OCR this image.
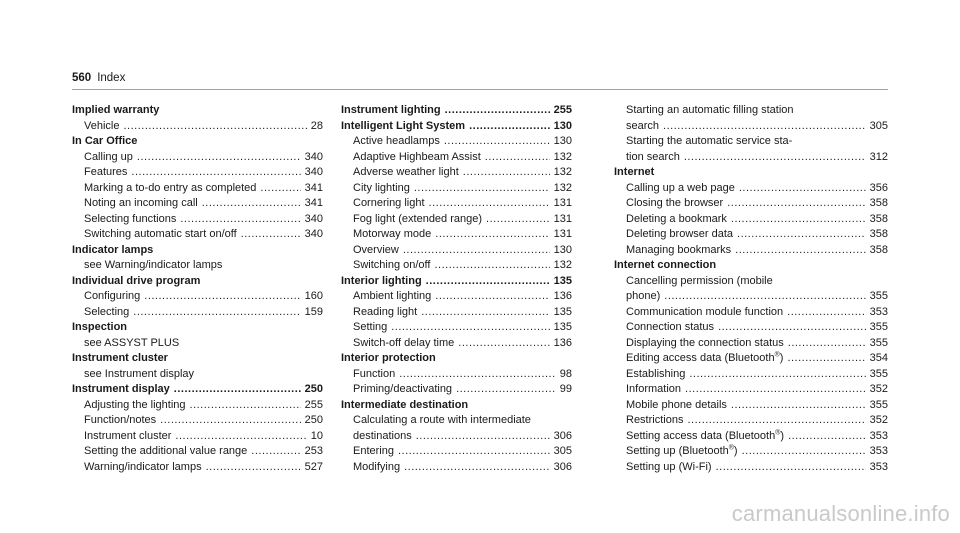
560 Index
Implied warranty
Vehicle .....	28
In Car Office
Calling up .....	340
Features .....	340
Marking a to-do entry as completed .....	341
Noting an incoming call .....	341
Selecting functions .....	340
Switching automatic start on/off .....	340
Indicator lamps
see Warning/indicator lamps
Individual drive program
Configuring .....	160
Selecting .....	159
Inspection
see ASSYST PLUS
Instrument cluster
see Instrument display
Instrument display .....	250
Adjusting the lighting .....	255
Function/notes .....	250
Instrument cluster .....	10
Setting the additional value range .....	253
Warning/indicator lamps .....	527
Instrument lighting .....	255
Intelligent Light System .....	130
Active headlamps .....	130
Adaptive Highbeam Assist .....	132
Adverse weather light .....	132
City lighting .....	132
Cornering light .....	131
Fog light (extended range) .....	131
Motorway mode .....	131
Overview .....	130
Switching on/off .....	132
Interior lighting .....	135
Ambient lighting .....	136
Reading light .....	135
Setting .....	135
Switch-off delay time .....	136
Interior protection
Function .....	98
Priming/deactivating .....	99
Intermediate destination
Calculating a route with intermediate
destinations .....	306
Entering .....	305
Modifying .....	306
Starting an automatic filling station
search .....	305
Starting the automatic service sta-
tion search .....	312
Internet
Calling up a web page .....	356
Closing the browser .....	358
Deleting a bookmark .....	358
Deleting browser data .....	358
Managing bookmarks .....	358
Internet connection
Cancelling permission (mobile
phone) .....	355
Communication module function .....	353
Connection status .....	355
Displaying the connection status .....	355
Editing access data (Bluetooth®) .....	354
Establishing .....	355
Information .....	352
Mobile phone details .....	355
Restrictions .....	352
Setting access data (Bluetooth®) .....	353
Setting up (Bluetooth®) .....	353
Setting up (Wi-Fi) .....	353
carmanualsonline.info
